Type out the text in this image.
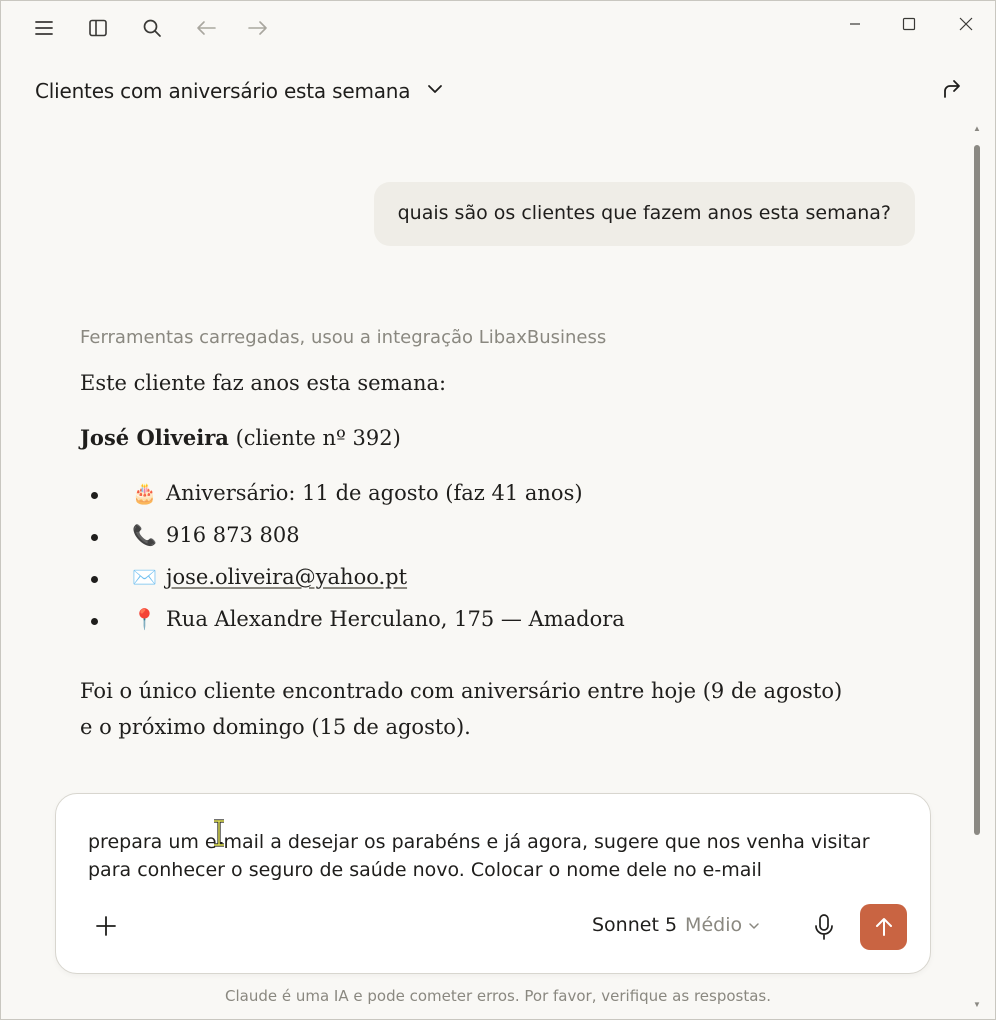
Clientes com aniversário esta semana
▲
▼
quais são os clientes que fazem anos esta semana?
Ferramentas carregadas, usou a integração LibaxBusiness
Este cliente faz anos esta semana:
José Oliveira (cliente nº 392)
🎂 Aniversário: 11 de agosto (faz 41 anos)
📞 916 873 808
✉️ jose.oliveira@yahoo.pt
📍 Rua Alexandre Herculano, 175 — Amadora
Foi o único cliente encontrado com aniversário entre hoje (9 de agosto)
e o próximo domingo (15 de agosto).
prepara um e-mail a desejar os parabéns e já agora, sugere que nos venha visitar para conhecer o seguro de saúde novo. Colocar o nome dele no e-mail
Sonnet 5 Médio
Claude é uma IA e pode cometer erros. Por favor, verifique as respostas.
